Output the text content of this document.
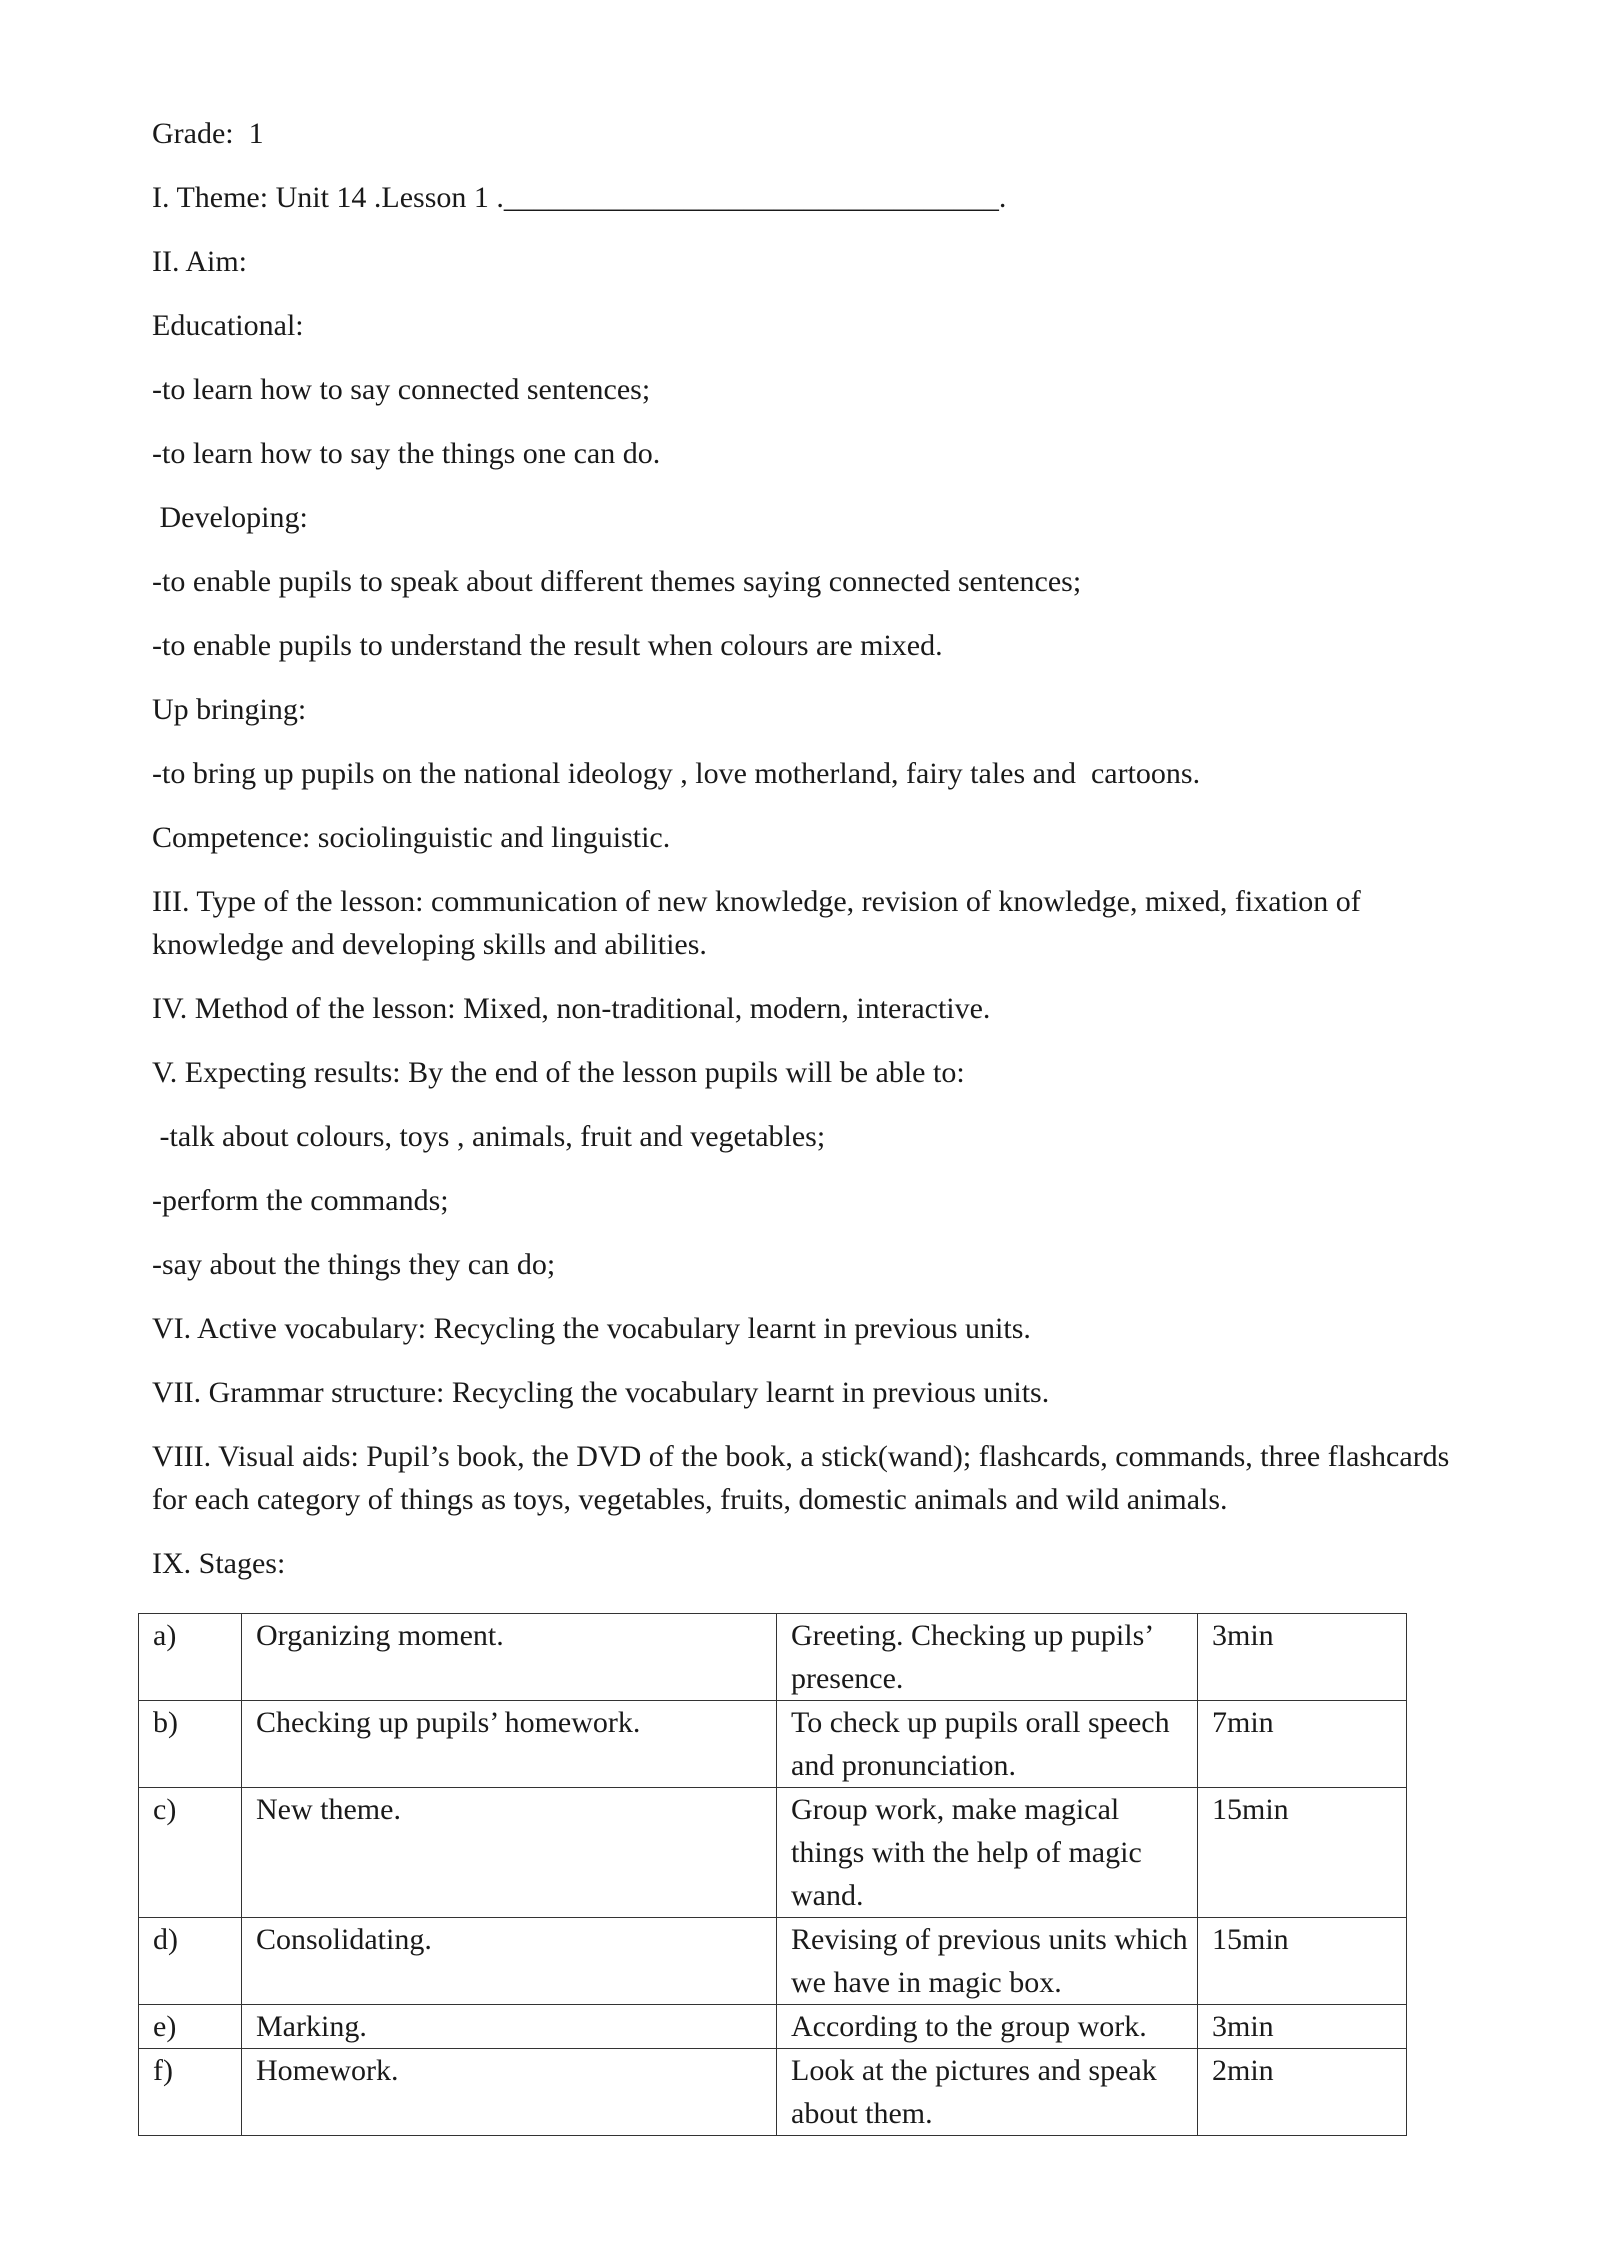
Grade:  1

I. Theme: Unit 14 .Lesson 1 ._________________________________.

II. Aim:

Educational:

-to learn how to say connected sentences;

-to learn how to say the things one can do.

Developing:

-to enable pupils to speak about different themes saying connected sentences;

-to enable pupils to understand the result when colours are mixed.

Up bringing:

-to bring up pupils on the national ideology , love motherland, fairy tales and  cartoons.

Competence: sociolinguistic and linguistic.

III. Type of the lesson: communication of new knowledge, revision of knowledge, mixed, fixation of knowledge and developing skills and abilities.

IV. Method of the lesson: Mixed, non-traditional, modern, interactive.

V. Expecting results: By the end of the lesson pupils will be able to:

-talk about colours, toys , animals, fruit and vegetables;

-perform the commands;

-say about the things they can do;

VI. Active vocabulary: Recycling the vocabulary learnt in previous units.

VII. Grammar structure: Recycling the vocabulary learnt in previous units.

VIII. Visual aids: Pupil’s book, the DVD of the book, a stick(wand); flashcards, commands, three flashcards for each category of things as toys, vegetables, fruits, domestic animals and wild animals.

IX. Stages:

a)	Organizing moment.	Greeting. Checking up pupils’ presence.	3min
b)	Checking up pupils’ homework.	To check up pupils orall speech and pronunciation.	7min
c)	New theme.	Group work, make magical things with the help of magic wand.	15min
d)	Consolidating.	Revising of previous units which we have in magic box.	15min
e)	Marking.	According to the group work.	3min
f)	Homework.	Look at the pictures and speak about them.	2min
